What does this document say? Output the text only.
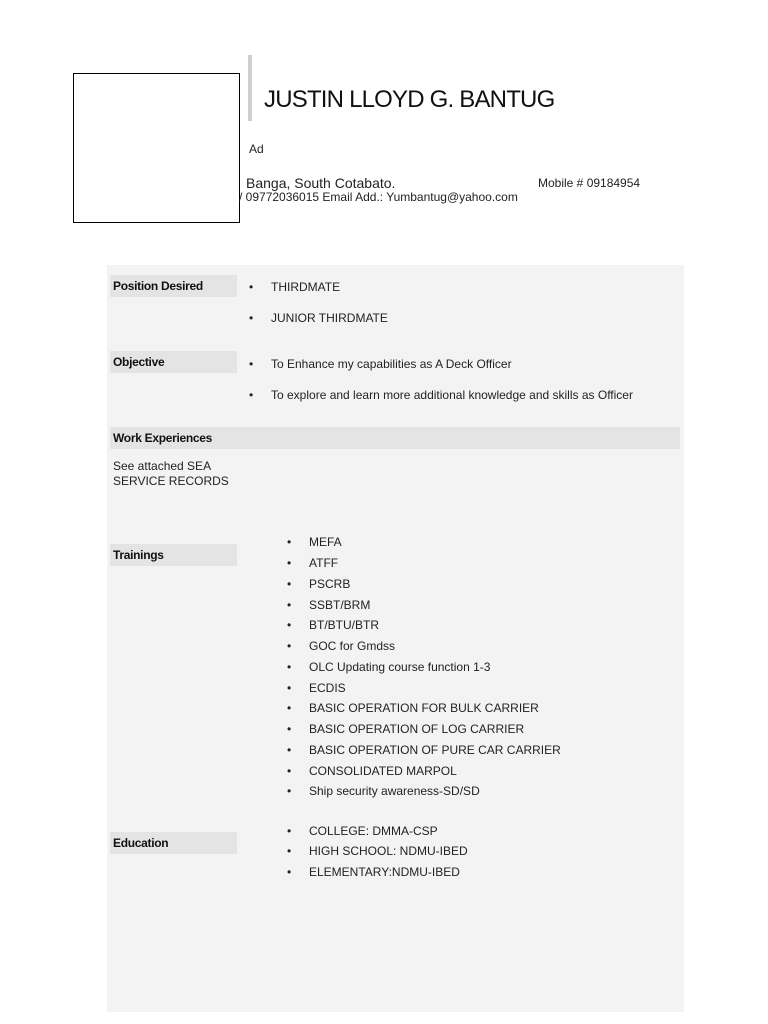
JUSTIN LLOYD G. BANTUG
Ad
Banga, South Cotabato.	Mobile # 09184954
/ 09772036015 Email Add.: Yumbantug@yahoo.com
Position Desired	• THIRDMATE
• JUNIOR THIRDMATE
Objective	• To Enhance my capabilities as A Deck Officer
• To explore and learn more additional knowledge and skills as Officer
Work Experiences
See attached SEA SERVICE RECORDS
Trainings
• MEFA
• ATFF
• PSCRB
• SSBT/BRM
• BT/BTU/BTR
• GOC for Gmdss
• OLC Updating course function 1-3
• ECDIS
• BASIC OPERATION FOR BULK CARRIER
• BASIC OPERATION OF LOG CARRIER
• BASIC OPERATION OF PURE CAR CARRIER
• CONSOLIDATED MARPOL
• Ship security awareness-SD/SD
Education
• COLLEGE: DMMA-CSP
• HIGH SCHOOL: NDMU-IBED
• ELEMENTARY:NDMU-IBED
